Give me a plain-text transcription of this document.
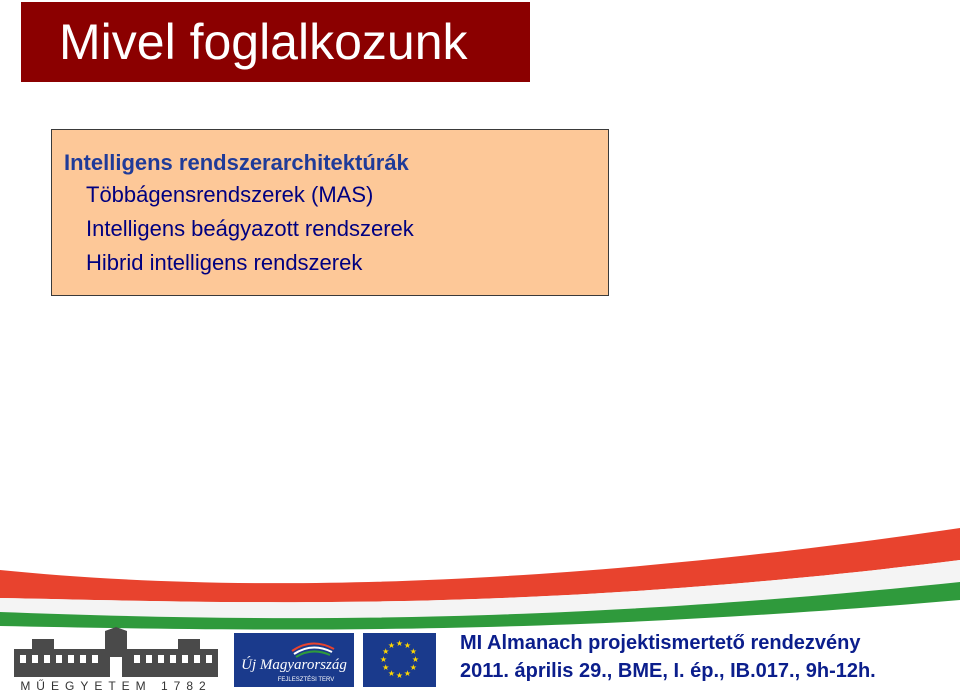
Mivel foglalkozunk
Intelligens rendszerarchitektúrák
Többágensrendszerek (MAS)
Intelligens beágyazott rendszerek
Hibrid intelligens rendszerek
MŰEGYETEM 1782
Új Magyarország
FEJLESZTÉSI TERV
★ ★
★
★
★
★
★
★
★
★
★
★	MI Almanach projektismertető rendezvény
2011. április 29., BME, I. ép., IB.017., 9h-12h.
